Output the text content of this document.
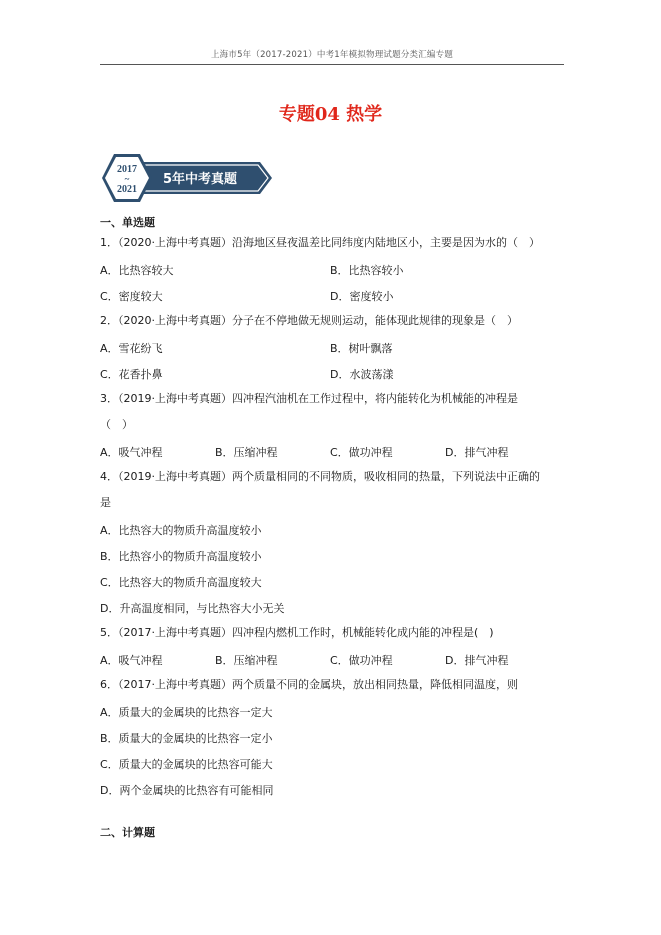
上海市5年（2017-2021）中考1年模拟物理试题分类汇编专题
专题04 热学
2017
~
2021
5年中考真题
一、单选题
1．（2020·上海中考真题）沿海地区昼夜温差比同纬度内陆地区小，主要是因为水的（　）
A．比热容较大	B．比热容较小
C．密度较大	D．密度较小
2．（2020·上海中考真题）分子在不停地做无规则运动，能体现此规律的现象是（　）
A．雪花纷飞	B．树叶飘落
C．花香扑鼻	D．水波荡漾
3．（2019·上海中考真题）四冲程汽油机在工作过程中，将内能转化为机械能的冲程是
（　）
A．吸气冲程	B．压缩冲程	C．做功冲程	D．排气冲程
4．（2019·上海中考真题）两个质量相同的不同物质，吸收相同的热量，下列说法中正确的
是
A．比热容大的物质升高温度较小
B．比热容小的物质升高温度较小
C．比热容大的物质升高温度较大
D．升高温度相同，与比热容大小无关
5．（2017·上海中考真题）四冲程内燃机工作时，机械能转化成内能的冲程是(　)
A．吸气冲程	B．压缩冲程	C．做功冲程	D．排气冲程
6．（2017·上海中考真题）两个质量不同的金属块，放出相同热量，降低相同温度，则
A．质量大的金属块的比热容一定大
B．质量大的金属块的比热容一定小
C．质量大的金属块的比热容可能大
D．两个金属块的比热容有可能相同
二、计算题
